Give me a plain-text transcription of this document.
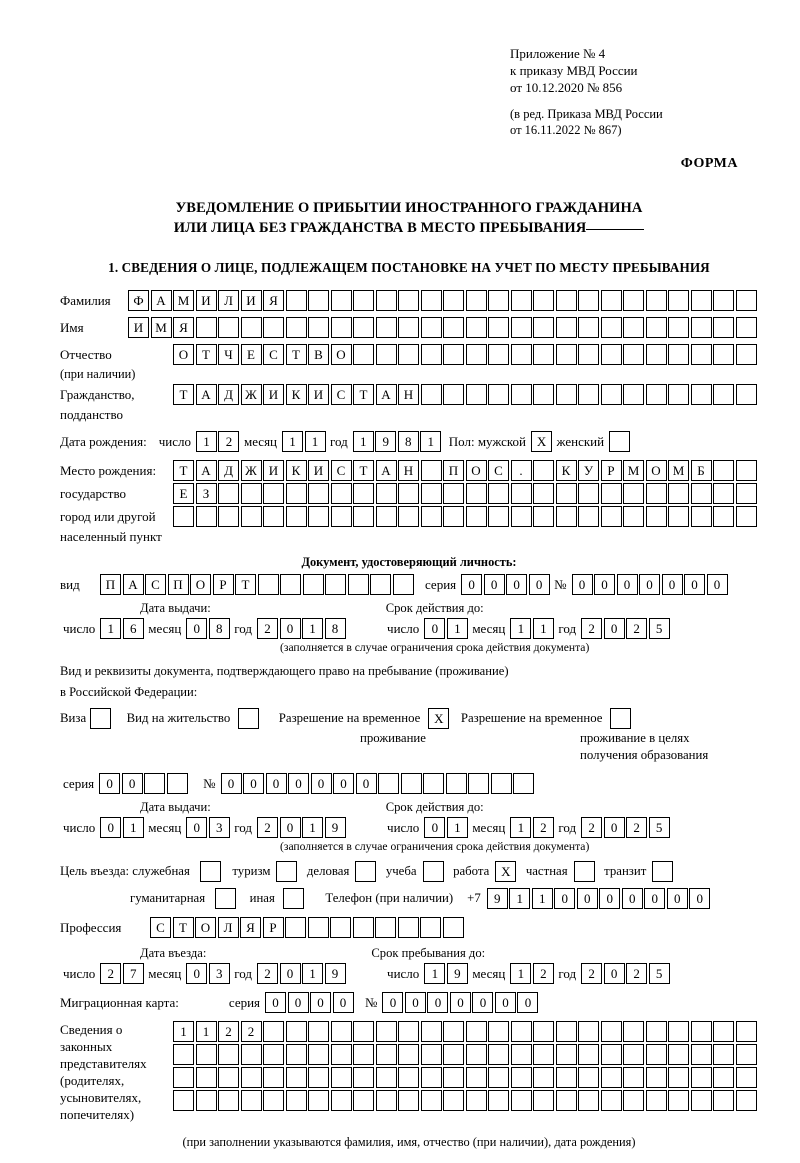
Приложение № 4
к приказу МВД России
от 10.12.2020 № 856
(в ред. Приказа МВД России
от 16.11.2022 № 867)
ФОРМА
УВЕДОМЛЕНИЕ О ПРИБЫТИИ ИНОСТРАННОГО ГРАЖДАНИНА
ИЛИ ЛИЦА БЕЗ ГРАЖДАНСТВА В МЕСТО ПРЕБЫВАНИЯ
1. СВЕДЕНИЯ О ЛИЦЕ, ПОДЛЕЖАЩЕМ ПОСТАНОВКЕ НА УЧЕТ ПО МЕСТУ ПРЕБЫВАНИЯ
Фамилия	Ф А М И	Л	И	Я
Имя	И М Я
Отчество	О	Т	Ч	Е	С	Т	В	О
(при наличии)
Гражданство,	Т	А	Д Ж И	К	И	С	Т	А	Н
подданство
Дата рождения: число 1	2 месяц 1	1 год 1	9	8	1	Пол: мужской X женский
Место рождения:	Т	А	Д Ж И	К	И	С	Т	А	Н	П	О	С	.	К	У	Р	М О М Б
государство	Е	З
город или другой
населенный пункт
Документ, удостоверяющий личность:
вид	П	А	С	П	О	Р	Т	серия 0	0	0	0 № 0	0	0	0	0	0	0
Дата выдачи:	Срок действия до:
число 1	6 месяц 0	8 год 2	0	1	8	число 0	1 месяц 1	1 год 2	0	2	5
(заполняется в случае ограничения срока действия документа)
Вид и реквизиты документа, подтверждающего право на пребывание (проживание)
в Российской Федерации:
Виза	Вид на жительство	Разрешение на временное	X	Разрешение на временное
проживание	проживание в целях
получения образования
серия 0	0	№ 0	0	0	0	0	0	0
Дата выдачи:	Срок действия до:
число 0	1 месяц 0	3 год 2	0	1	9	число 0	1 месяц 1	2 год 2	0	2	5
(заполняется в случае ограничения срока действия документа)
Цель въезда: служебная	туризм	деловая	учеба	работа X	частная	транзит
гуманитарная	иная	Телефон (при наличии) +7	9	1	1	0	0	0	0	0	0	0
Профессия	С	Т	О	Л	Я	Р
Дата въезда:	Срок пребывания до:
число 2	7 месяц 0	3 год 2	0	1	9	число 1	9 месяц 1	2 год 2	0	2	5
Миграционная карта:	серия 0	0	0	0	№ 0	0	0	0	0	0	0
Сведения о
законных
представителях
(родителях,
усыновителях,
попечителях)
1	1	2	2
(при заполнении указываются фамилия, имя, отчество (при наличии), дата рождения)
